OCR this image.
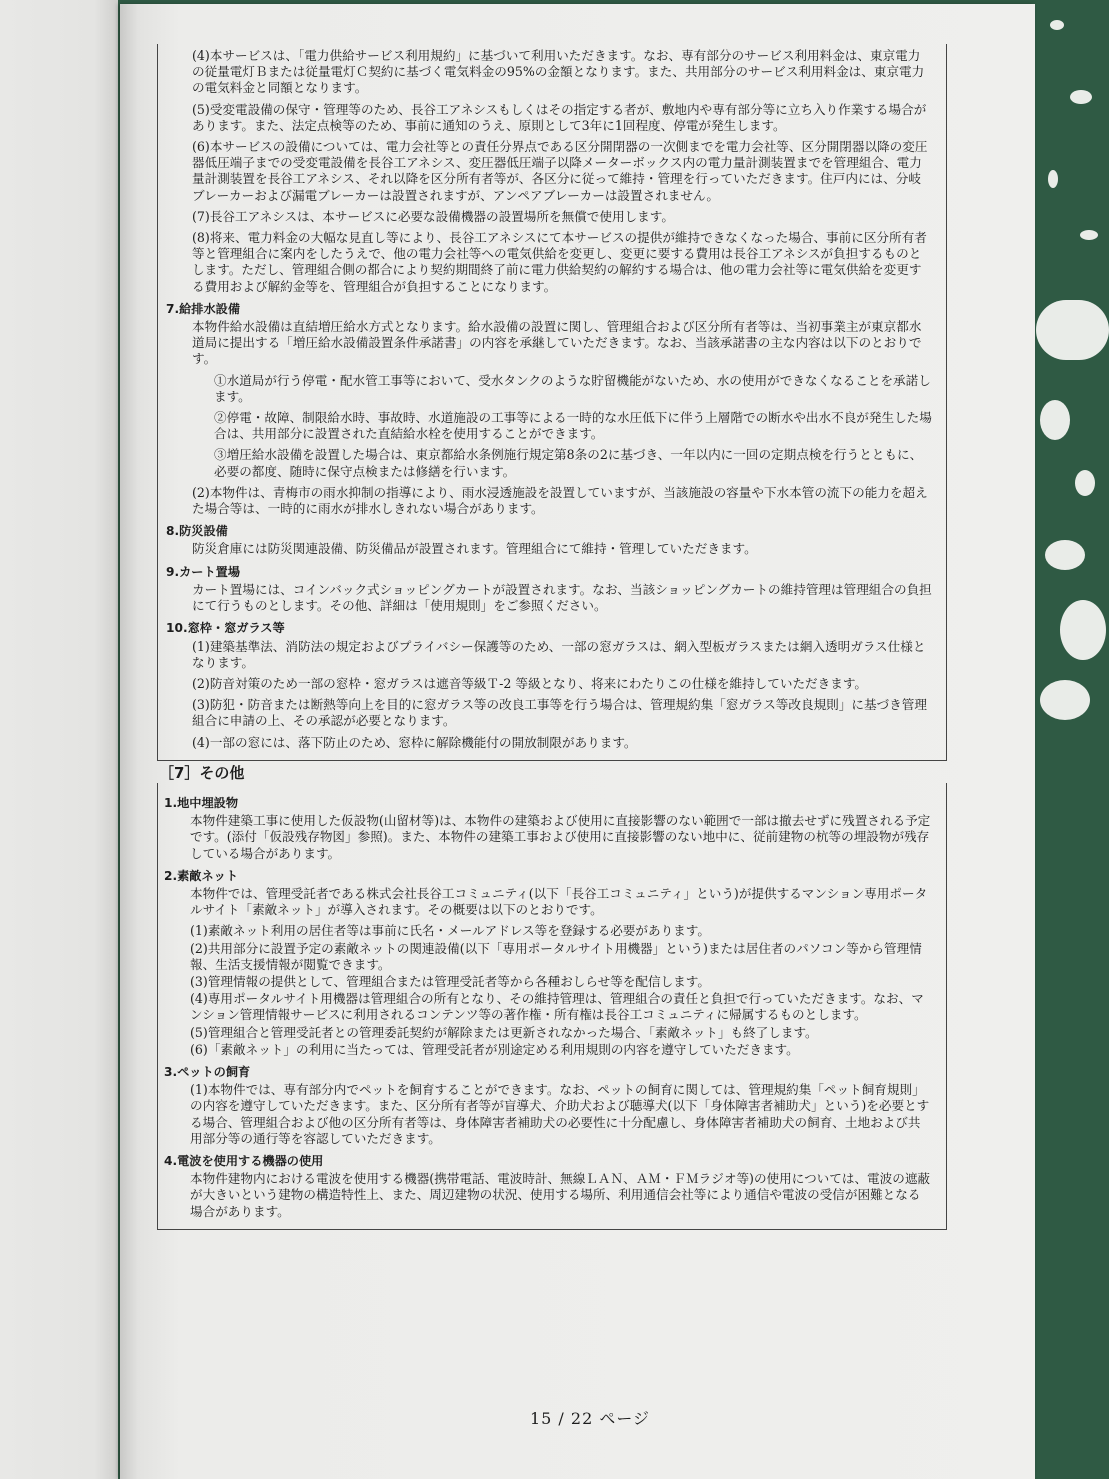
(4)本サービスは、「電力供給サービス利用規約」に基づいて利用いただきます。なお、専有部分のサービス利用料金は、東京電力の従量電灯Ｂまたは従量電灯Ｃ契約に基づく電気料金の95%の金額となります。また、共用部分のサービス利用料金は、東京電力の電気料金と同額となります。
(5)受変電設備の保守・管理等のため、長谷工アネシスもしくはその指定する者が、敷地内や専有部分等に立ち入り作業する場合があります。また、法定点検等のため、事前に通知のうえ、原則として3年に1回程度、停電が発生します。
(6)本サービスの設備については、電力会社等との責任分界点である区分開閉器の一次側までを電力会社等、区分開閉器以降の変圧器低圧端子までの受変電設備を長谷工アネシス、変圧器低圧端子以降メーターボックス内の電力量計測装置までを管理組合、電力量計測装置を長谷工アネシス、それ以降を区分所有者等が、各区分に従って維持・管理を行っていただきます。住戸内には、分岐ブレーカーおよび漏電ブレーカーは設置されますが、アンペアブレーカーは設置されません。
(7)長谷工アネシスは、本サービスに必要な設備機器の設置場所を無償で使用します。
(8)将来、電力料金の大幅な見直し等により、長谷工アネシスにて本サービスの提供が維持できなくなった場合、事前に区分所有者等と管理組合に案内をしたうえで、他の電力会社等への電気供給を変更し、変更に要する費用は長谷工アネシスが負担するものとします。ただし、管理組合側の都合により契約期間終了前に電力供給契約の解約する場合は、他の電力会社等に電気供給を変更する費用および解約金等を、管理組合が負担することになります。
7.給排水設備
本物件給水設備は直結増圧給水方式となります。給水設備の設置に関し、管理組合および区分所有者等は、当初事業主が東京都水道局に提出する「増圧給水設備設置条件承諾書」の内容を承継していただきます。なお、当該承諾書の主な内容は以下のとおりです。
①水道局が行う停電・配水管工事等において、受水タンクのような貯留機能がないため、水の使用ができなくなることを承諾します。
②停電・故障、制限給水時、事故時、水道施設の工事等による一時的な水圧低下に伴う上層階での断水や出水不良が発生した場合は、共用部分に設置された直結給水栓を使用することができます。
③増圧給水設備を設置した場合は、東京都給水条例施行規定第8条の2に基づき、一年以内に一回の定期点検を行うとともに、必要の都度、随時に保守点検または修繕を行います。
(2)本物件は、青梅市の雨水抑制の指導により、雨水浸透施設を設置していますが、当該施設の容量や下水本管の流下の能力を超えた場合等は、一時的に雨水が排水しきれない場合があります。
8.防災設備
防災倉庫には防災関連設備、防災備品が設置されます。管理組合にて維持・管理していただきます。
9.カート置場
カート置場には、コインバック式ショッピングカートが設置されます。なお、当該ショッピングカートの維持管理は管理組合の負担にて行うものとします。その他、詳細は「使用規則」をご参照ください。
10.窓枠・窓ガラス等
(1)建築基準法、消防法の規定およびプライバシー保護等のため、一部の窓ガラスは、網入型板ガラスまたは網入透明ガラス仕様となります。
(2)防音対策のため一部の窓枠・窓ガラスは遮音等級Ｔ-2 等級となり、将来にわたりこの仕様を維持していただきます。
(3)防犯・防音または断熱等向上を目的に窓ガラス等の改良工事等を行う場合は、管理規約集「窓ガラス等改良規則」に基づき管理組合に申請の上、その承認が必要となります。
(4)一部の窓には、落下防止のため、窓枠に解除機能付の開放制限があります。
［7］その他
1.地中埋設物
本物件建築工事に使用した仮設物(山留材等)は、本物件の建築および使用に直接影響のない範囲で一部は撤去せずに残置される予定です。(添付「仮設残存物図」参照)。また、本物件の建築工事および使用に直接影響のない地中に、従前建物の杭等の埋設物が残存している場合があります。
2.素敵ネット
本物件では、管理受託者である株式会社長谷工コミュニティ(以下「長谷工コミュニティ」という)が提供するマンション専用ポータルサイト「素敵ネット」が導入されます。その概要は以下のとおりです。
(1)素敵ネット利用の居住者等は事前に氏名・メールアドレス等を登録する必要があります。
(2)共用部分に設置予定の素敵ネットの関連設備(以下「専用ポータルサイト用機器」という)または居住者のパソコン等から管理情報、生活支援情報が閲覧できます。
(3)管理情報の提供として、管理組合または管理受託者等から各種おしらせ等を配信します。
(4)専用ポータルサイト用機器は管理組合の所有となり、その維持管理は、管理組合の責任と負担で行っていただきます。なお、マンション管理情報サービスに利用されるコンテンツ等の著作権・所有権は長谷工コミュニティに帰属するものとします。
(5)管理組合と管理受託者との管理委託契約が解除または更新されなかった場合、「素敵ネット」も終了します。
(6)「素敵ネット」の利用に当たっては、管理受託者が別途定める利用規則の内容を遵守していただきます。
3.ペットの飼育
(1)本物件では、専有部分内でペットを飼育することができます。なお、ペットの飼育に関しては、管理規約集「ペット飼育規則」の内容を遵守していただきます。また、区分所有者等が盲導犬、介助犬および聴導犬(以下「身体障害者補助犬」という)を必要とする場合、管理組合および他の区分所有者等は、身体障害者補助犬の必要性に十分配慮し、身体障害者補助犬の飼育、土地および共用部分等の通行等を容認していただきます。
4.電波を使用する機器の使用
本物件建物内における電波を使用する機器(携帯電話、電波時計、無線ＬＡＮ、ＡＭ・ＦＭラジオ等)の使用については、電波の遮蔽が大きいという建物の構造特性上、また、周辺建物の状況、使用する場所、利用通信会社等により通信や電波の受信が困難となる場合があります。
15 / 22 ページ
